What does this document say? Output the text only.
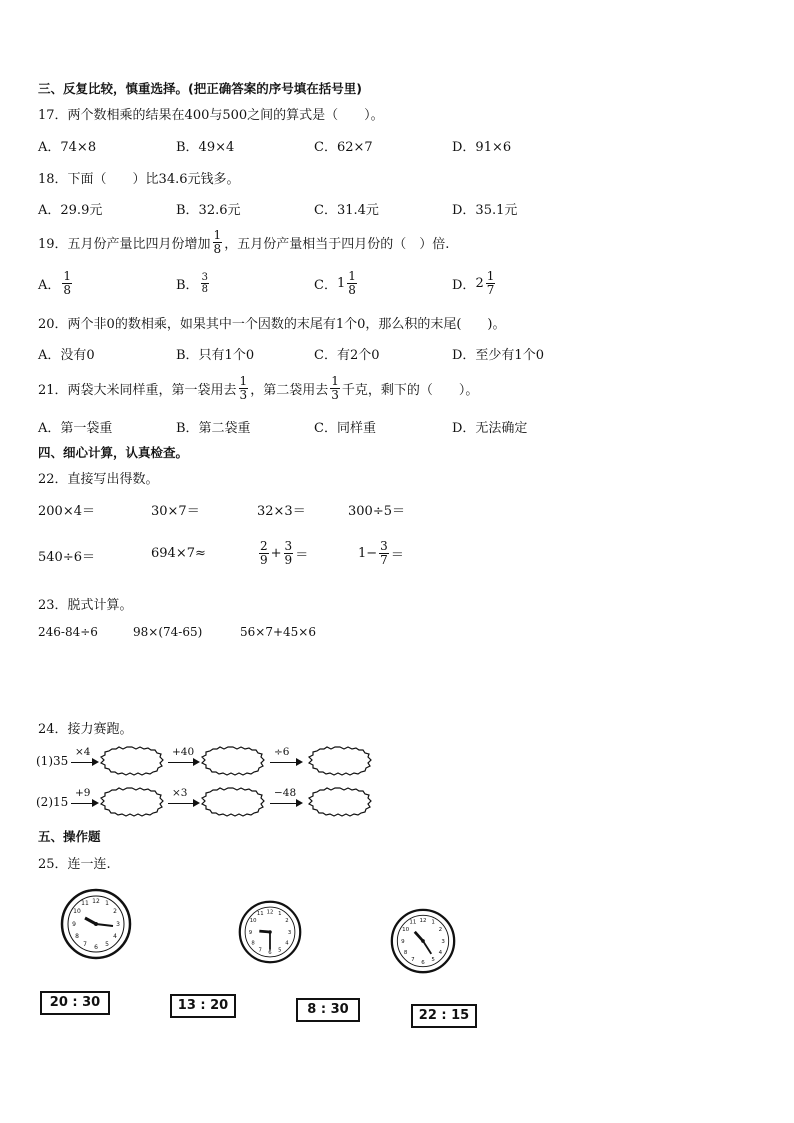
三、反复比较，慎重选择。(把正确答案的序号填在括号里)
17．两个数相乘的结果在400与500之间的算式是（　　）。
A．74×8	B．49×4	C．62×7	D．91×6
18．下面（　　）比34.6元钱多。
A．29.9元	B．32.6元	C．31.4元	D．35.1元
19．五月份产量比四月份增加 $\frac{1}{8}$ ，五月份产量相当于四月份的（　）倍.
A． $\frac{1}{8}$	B． $\frac{3}{8}$	C． $1 \frac{1}{8}$	D． $2 \frac{1}{7}$
20．两个非0的数相乘，如果其中一个因数的末尾有1个0，那么积的末尾(　　)。
A．没有0	B．只有1个0	C．有2个0	D．至少有1个0
21．两袋大米同样重，第一袋用去 $\frac{1}{3}$ ，第二袋用去 $\frac{1}{3}$ 千克，剩下的（　　）。
A．第一袋重	B．第二袋重	C．同样重	D．无法确定
四、细心计算，认真检查。
22．直接写出得数。
200×4＝	30×7＝	32×3＝	300÷5＝
540÷6＝	694×7≈	$\frac{2}{9} + \frac{3}{9}$ ＝	$1- \frac{3}{7}$ ＝
23．脱式计算。
246-84÷6	98×(74-65)	56×7+45×6
24．接力赛跑。
(1)35
×4	+40	÷6
(2)15
+9	×3	−48
五、操作题
25．连一连.
12 1
2
3
4
5
6
7
8
9
10
11
12 1
2
3
4
5
6
7
8
9
10
11
12 1
2
3
4
5
6
7
8
9
10
11
20 : 30	13 : 20	8 : 30	22 : 15
